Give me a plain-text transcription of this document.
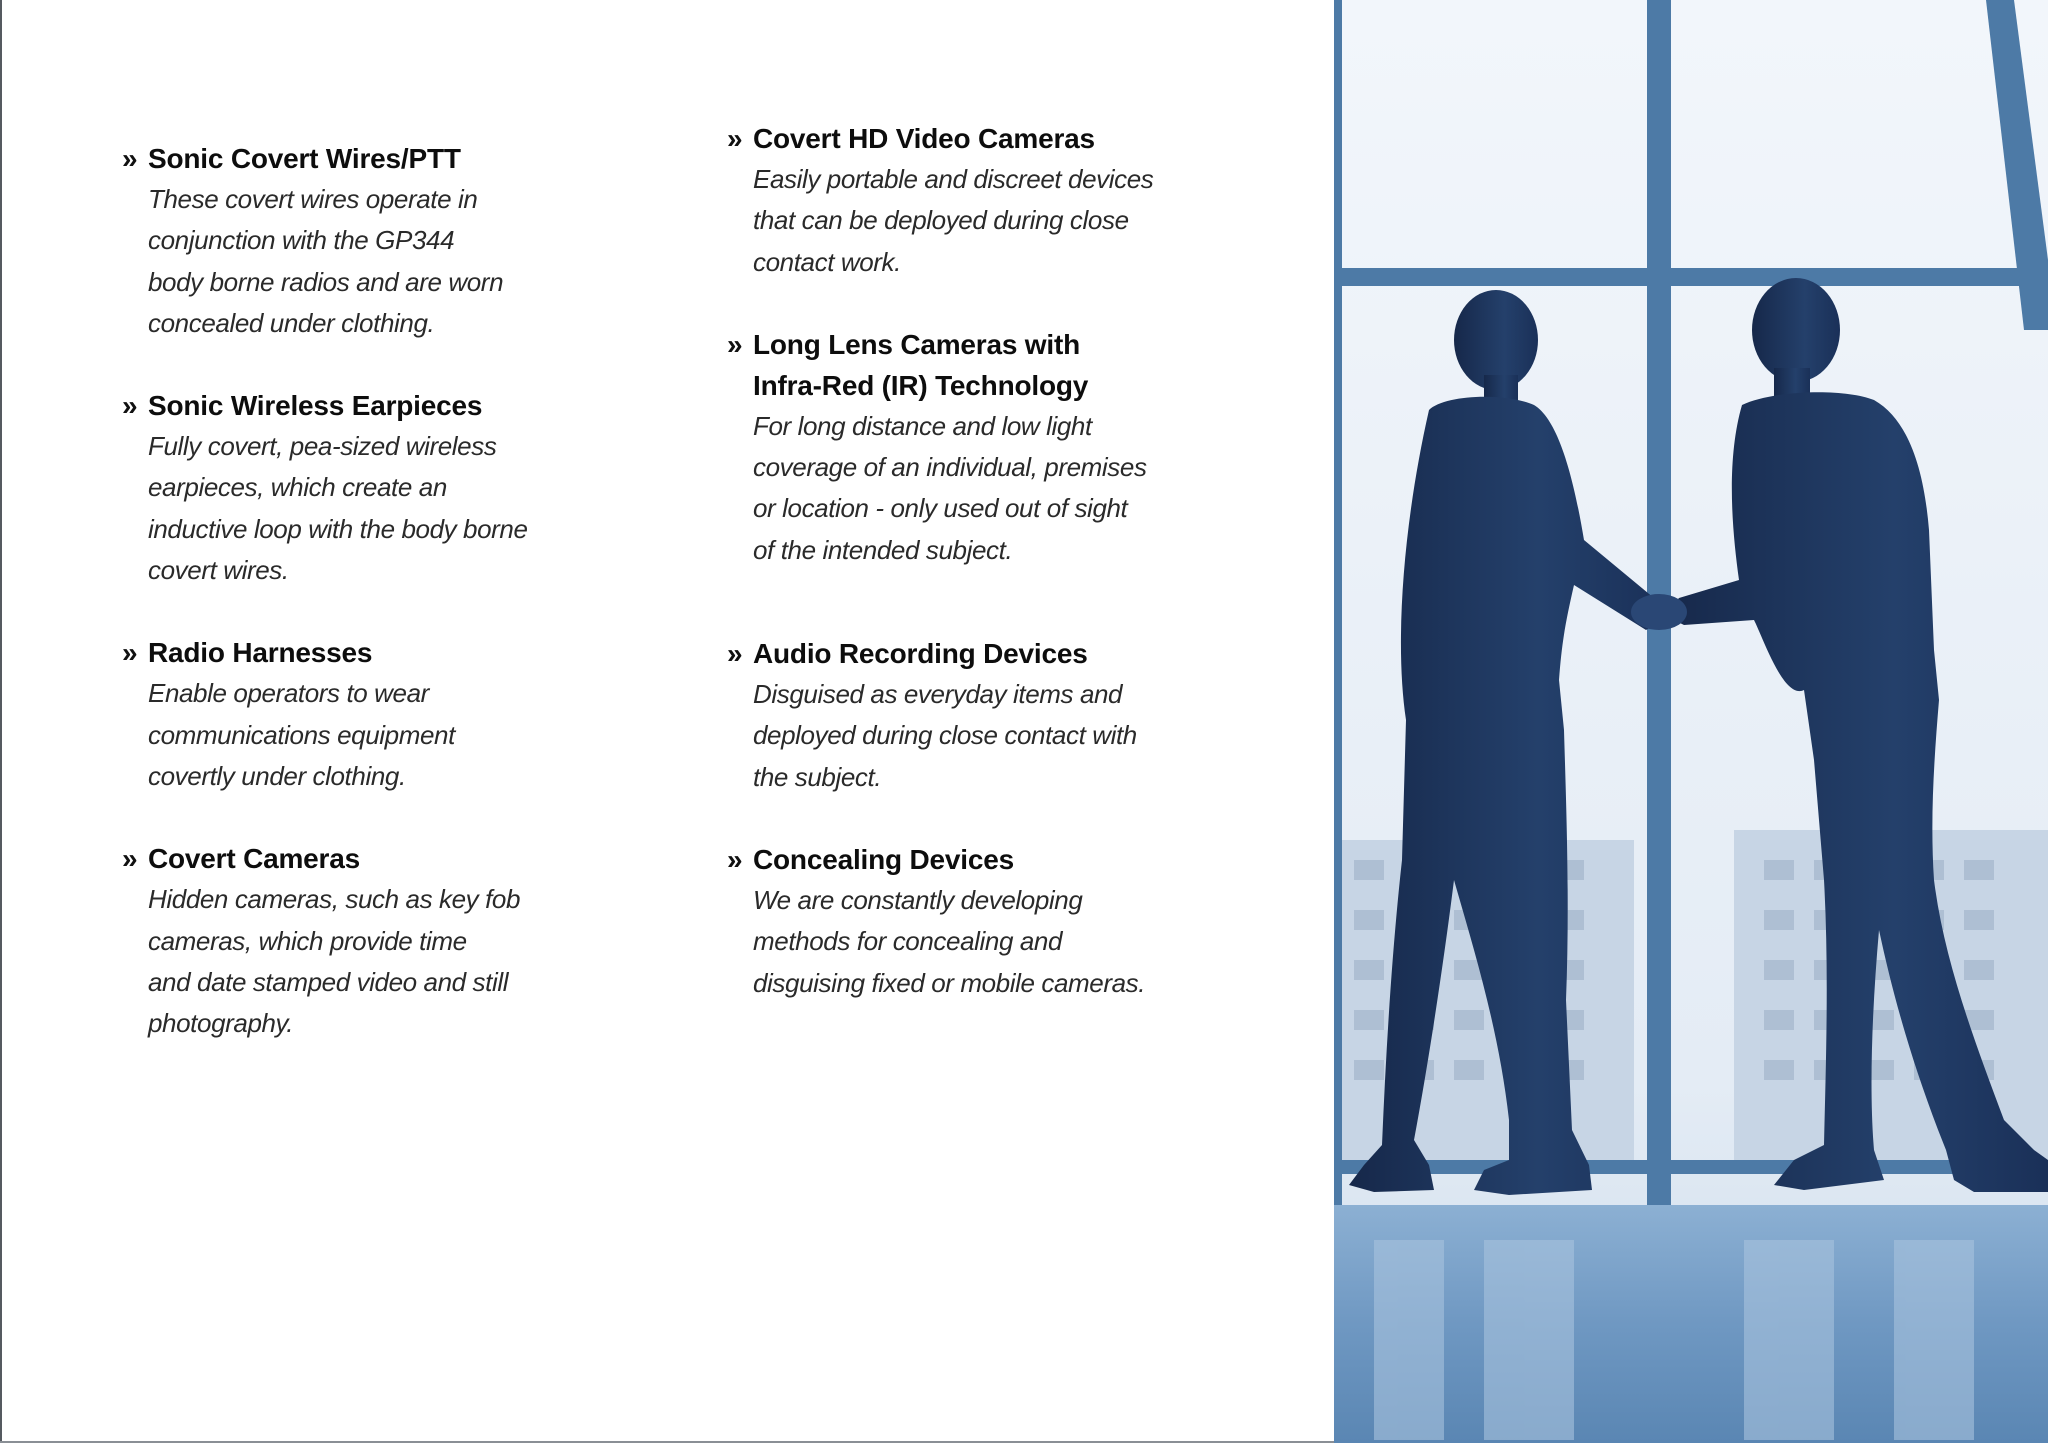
» Sonic Covert Wires/PTT
These covert wires operate in
conjunction with the GP344
body borne radios and are worn
concealed under clothing.
» Sonic Wireless Earpieces
Fully covert, pea-sized wireless
earpieces, which create an
inductive loop with the body borne
covert wires.
» Radio Harnesses
Enable operators to wear
communications equipment
covertly under clothing.
» Covert Cameras
Hidden cameras, such as key fob
cameras, which provide time
and date stamped video and still
photography.
» Covert HD Video Cameras
Easily portable and discreet devices
that can be deployed during close
contact work.
» Long Lens Cameras with
Infra-Red (IR) Technology
For long distance and low light
coverage of an individual, premises
or location - only used out of sight
of the intended subject.
» Audio Recording Devices
Disguised as everyday items and
deployed during close contact with
the subject.
» Concealing Devices
We are constantly developing
methods for concealing and
disguising fixed or mobile cameras.
